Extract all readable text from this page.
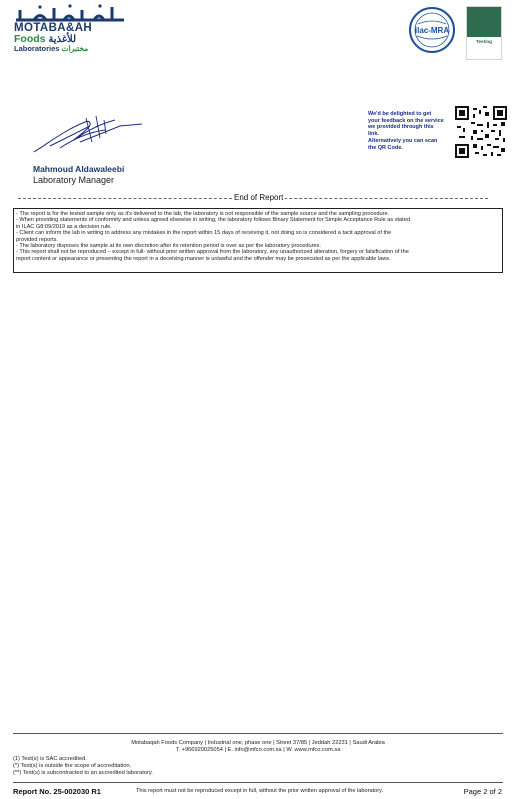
MOTABA&AH
Foods للأغذية
Laboratories مختبرات
ilac-MRA
Testing
We'd be delighted to get
your feedback on the service
we provided through this
link.
Alternatively you can scan
the QR Code.
Mahmoud Aldawaleebi
Laboratory Manager
End of Report
- The report is for the tested sample only as it's delivered to the lab, the laboratory is not responsible of the sample source and the sampling procedure.
- When providing statements of conformity and unless agreed elsewise in writing, the laboratory follows Binary Statement for Simple Acceptance Rule as stated
in ILAC G8:09/2019 as a decision rule.
- Client can inform the lab in writing to address any mistakes in the report within 15 days of receiving it, not doing so is considered a tacit approval of the
provided reports.
- The laboratory disposes the sample at its own discretion after its retention period is over as per the laboratory procedures.
- This report shall not be reproduced – except in full- without prior written approval from the laboratory, any unauthorized alteration, forgery or falsification of the
report content or appearance or presenting the report in a deceiving manner is unlawful and the offender may be prosecuted as per the applicable laws.
Motabaqah Foods Company | Industrial one, phase one | Street 37/85 | Jeddah 22231 | Saudi Arabia
T. +966920025054 | E. info@mfco.com.sa | W. www.mfco.com.sa
(1) Test(s) is SAC accredited.
(*) Test(s) is outside the scope of accreditation.
(**) Test(s) is subcontracted to an accredited laboratory.
Report No. 25-002030 R1	This report must not be reproduced except in full, without the prior written approval of the laboratory.	Page 2 of 2
